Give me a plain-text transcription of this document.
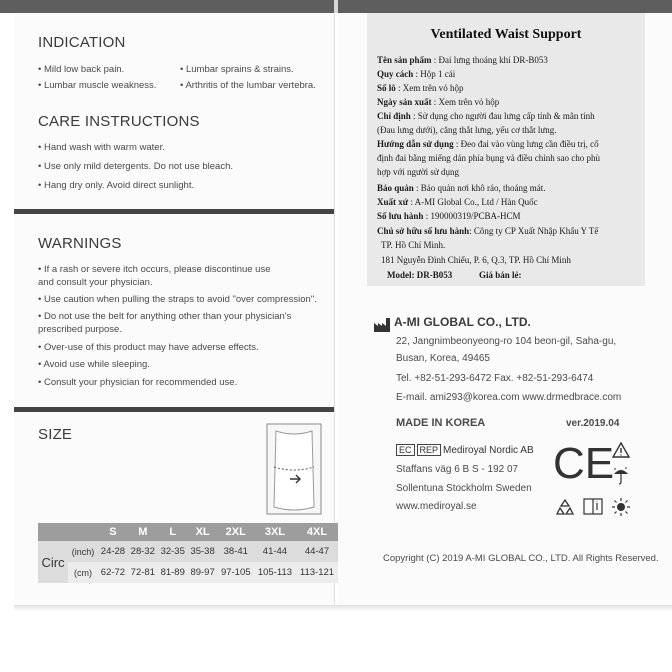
INDICATION
• Mild low back pain.	• Lumbar sprains & strains.
• Lumbar muscle weakness. • Arthritis of the lumbar vertebra.
CARE INSTRUCTIONS
• Hand wash with warm water.
• Use only mild detergents. Do not use bleach.
• Hang dry only. Avoid direct sunlight.
WARNINGS
• If a rash or severe itch occurs, please discontinue use
and consult your physician.
• Use caution when pulling the straps to avoid "over compression".
• Do not use the belt for anything other than your physician's
prescribed purpose.
• Over-use of this product may have adverse effects.
• Avoid use while sleeping.
• Consult your physician for recommended use.
SIZE
		S	M	L	XL	2XL	3XL	4XL
Circ	(inch)	24-28	28-32	32-35	35-38	38-41	41-44	44-47
	(cm)	62-72	72-81	81-89	89-97	97-105	105-113	113-121
Ventilated Waist Support
Tên sản phẩm : Đai lưng thoáng khí DR-B053
Quy cách : Hộp 1 cái
Số lô : Xem trên vỏ hộp
Ngày sản xuất : Xem trên vỏ hộp
Chỉ định : Sử dụng cho người đau lưng cấp tính & mãn tính
(Đau lưng dưới), căng thắt lưng, yếu cơ thắt lưng.
Hướng dẫn sử dụng : Đeo đai vào vùng lưng cần điều trị, cố
định đai bằng miếng dán phía bụng và điều chỉnh sao cho phù
hợp với người sử dụng
Bảo quản : Bảo quản nơi khô ráo, thoáng mát.
Xuất xứ : A-MI Global Co., Ltd / Hàn Quốc
Số lưu hành : 190000319/PCBA-HCM
Chủ sở hữu số lưu hành: Công ty CP Xuất Nhập Khẩu Y Tế
TP. Hồ Chí Minh.
181 Nguyễn Đình Chiểu, P. 6, Q.3, TP. Hồ Chí Minh
Model: DR-B053	Giá bán lẻ:
A-MI GLOBAL CO., LTD.
22, Jangnimbeonyeong-ro 104 beon-gil, Saha-gu,
Busan, Korea, 49465
Tel. +82-51-293-6472 Fax. +82-51-293-6474
E-mail. ami293@korea.com www.drmedbrace.com
MADE IN KOREA	ver.2019.04
EC REP Mediroyal Nordic AB
Staffans väg 6 B S - 192 07
Sollentuna Stockholm Sweden
www.mediroyal.se
CE
Copyright (C) 2019 A-MI GLOBAL CO., LTD. All Rights Reserved.
